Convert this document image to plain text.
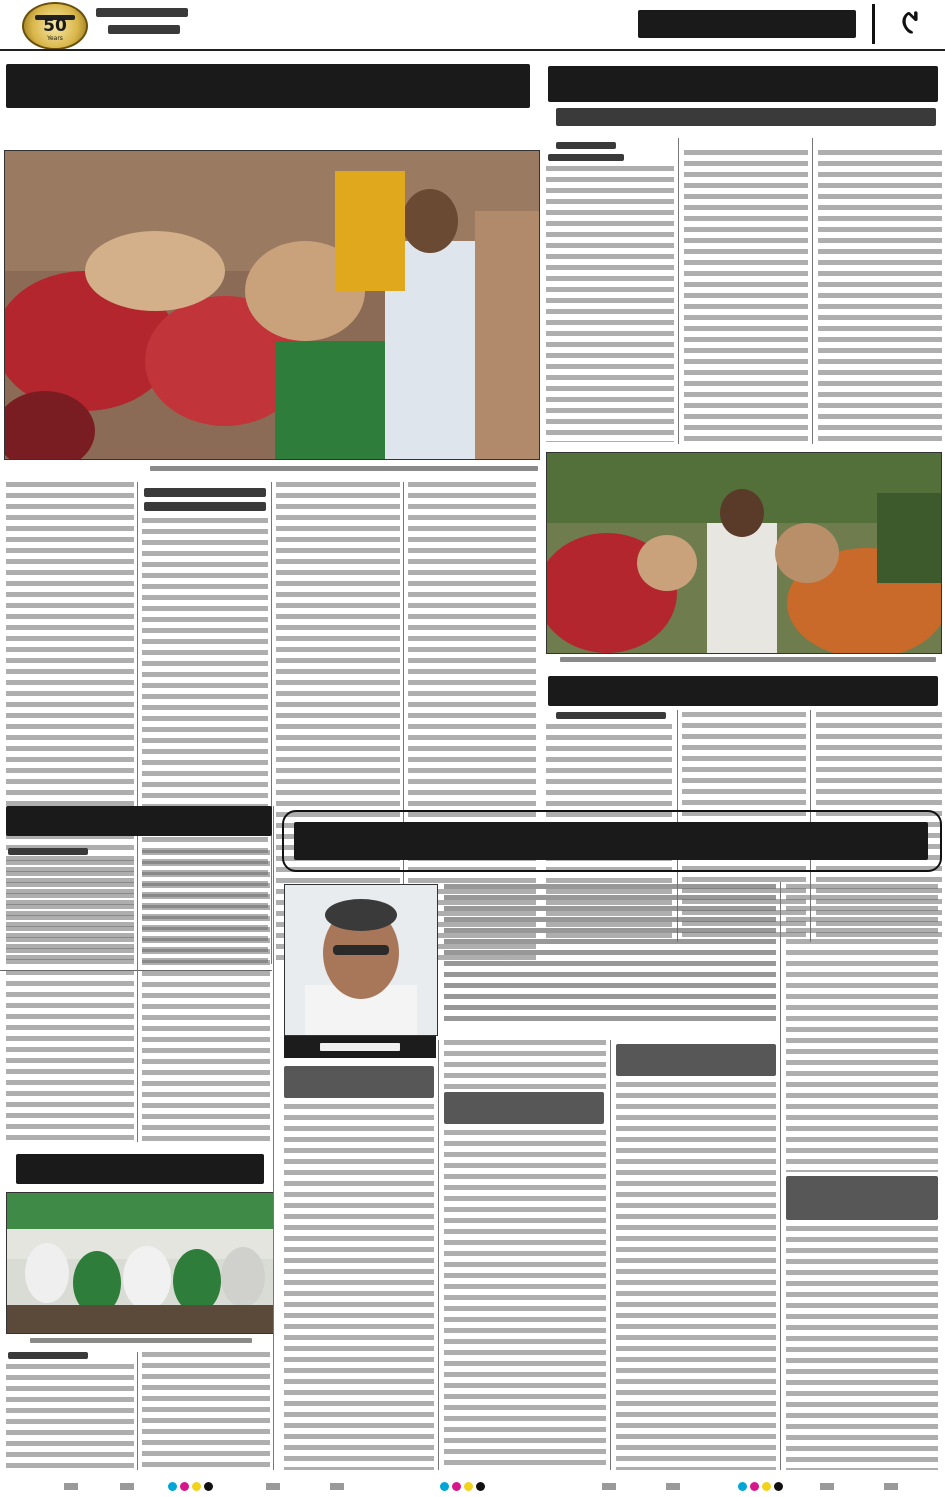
50
Years	୯
